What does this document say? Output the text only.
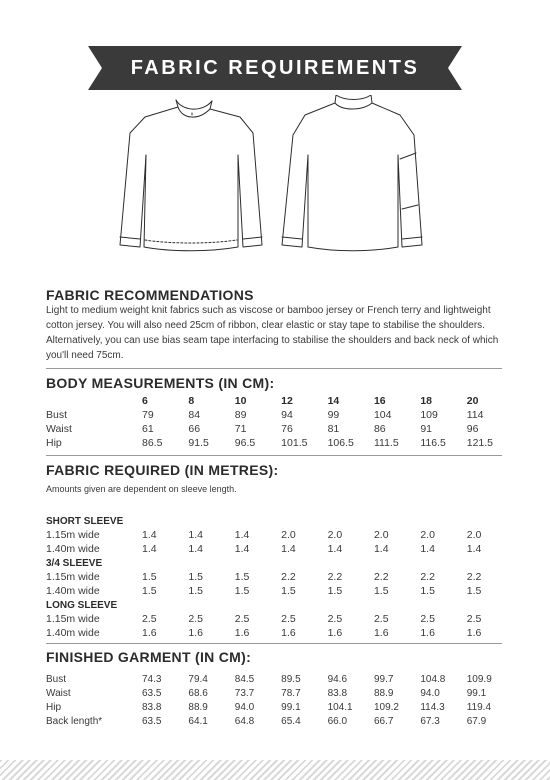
FABRIC REQUIREMENTS
FABRIC RECOMMENDATIONS
Light to medium weight knit fabrics such as viscose or bamboo jersey or French terry and lightweight cotton jersey. You will also need 25cm of ribbon, clear elastic or stay tape to stabilise the shoulders. Alternatively, you can use bias seam tape interfacing to stabilise the shoulders and back neck of which you'll need 75cm.
BODY MEASUREMENTS (IN CM):
	6	8	10	12	14	16	18	20
Bust	79	84	89	94	99	104	109	114
Waist	61	66	71	76	81	86	91	96
Hip	86.5	91.5	96.5	101.5	106.5	111.5	116.5	121.5
FABRIC REQUIRED (IN METRES):
Amounts given are dependent on sleeve length.
SHORT SLEEVE								
1.15m wide	1.4	1.4	1.4	2.0	2.0	2.0	2.0	2.0
1.40m wide	1.4	1.4	1.4	1.4	1.4	1.4	1.4	1.4
3/4 SLEEVE								
1.15m wide	1.5	1.5	1.5	2.2	2.2	2.2	2.2	2.2
1.40m wide	1.5	1.5	1.5	1.5	1.5	1.5	1.5	1.5
LONG SLEEVE								
1.15m wide	2.5	2.5	2.5	2.5	2.5	2.5	2.5	2.5
1.40m wide	1.6	1.6	1.6	1.6	1.6	1.6	1.6	1.6
FINISHED GARMENT (IN CM):
Bust	74.3	79.4	84.5	89.5	94.6	99.7	104.8	109.9
Waist	63.5	68.6	73.7	78.7	83.8	88.9	94.0	99.1
Hip	83.8	88.9	94.0	99.1	104.1	109.2	114.3	119.4
Back length*	63.5	64.1	64.8	65.4	66.0	66.7	67.3	67.9
